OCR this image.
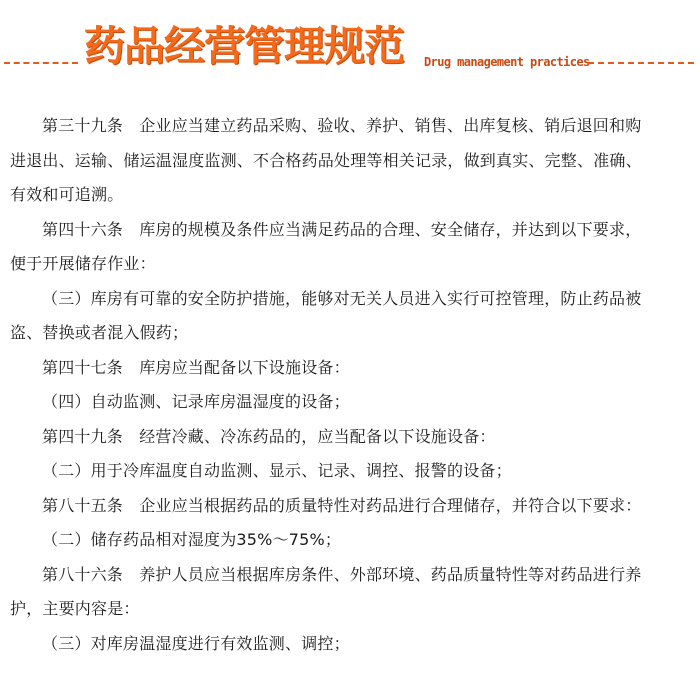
药品经营管理规范 Drug management practices

第三十九条　企业应当建立药品采购、验收、养护、销售、出库复核、销后退回和购进退出、运输、储运温湿度监测、不合格药品处理等相关记录，做到真实、完整、准确、有效和可追溯。

第四十六条　库房的规模及条件应当满足药品的合理、安全储存，并达到以下要求，便于开展储存作业：

（三）库房有可靠的安全防护措施，能够对无关人员进入实行可控管理，防止药品被盗、替换或者混入假药；

第四十七条　库房应当配备以下设施设备：

（四）自动监测、记录库房温湿度的设备；

第四十九条　经营冷藏、冷冻药品的，应当配备以下设施设备：

（二）用于冷库温度自动监测、显示、记录、调控、报警的设备；

第八十五条　企业应当根据药品的质量特性对药品进行合理储存，并符合以下要求：

（二）储存药品相对湿度为35%～75%；

第八十六条　养护人员应当根据库房条件、外部环境、药品质量特性等对药品进行养护，主要内容是：

（三）对库房温湿度进行有效监测、调控；
